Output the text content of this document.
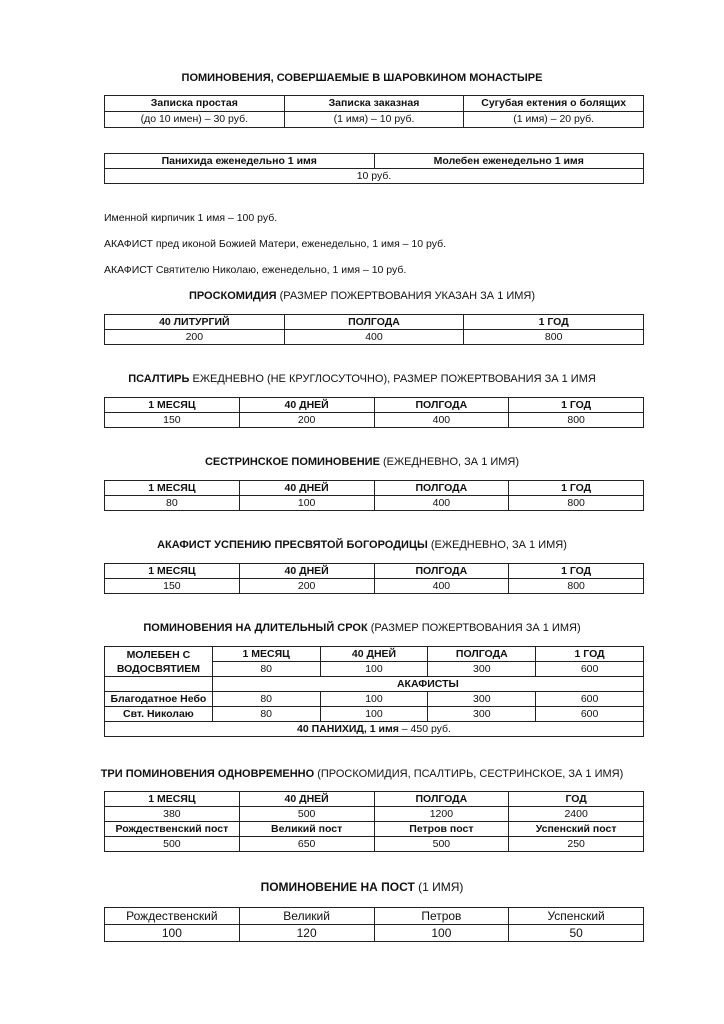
ПОМИНОВЕНИЯ, СОВЕРШАЕМЫЕ В ШАРОВКИНОМ МОНАСТЫРЕ
Записка простая	Записка заказная	Сугубая ектения о болящих
(до 10 имен) – 30 руб.	(1 имя) – 10 руб.	(1 имя) – 20 руб.
Панихида еженедельно 1 имя	Молебен еженедельно 1 имя
10 руб.
Именной кирпичик 1 имя – 100 руб.
АКАФИСТ пред иконой Божией Матери, еженедельно, 1 имя – 10 руб.
АКАФИСТ Святителю Николаю, еженедельно, 1 имя – 10 руб.
ПРОСКОМИДИЯ (РАЗМЕР ПОЖЕРТВОВАНИЯ УКАЗАН ЗА 1 ИМЯ)
40 ЛИТУРГИЙ	ПОЛГОДА	1 ГОД
200	400	800
ПСАЛТИРЬ ЕЖЕДНЕВНО (НЕ КРУГЛОСУТОЧНО), РАЗМЕР ПОЖЕРТВОВАНИЯ ЗА 1 ИМЯ
1 МЕСЯЦ	40 ДНЕЙ	ПОЛГОДА	1 ГОД
150	200	400	800
СЕСТРИНСКОЕ ПОМИНОВЕНИЕ (ЕЖЕДНЕВНО, ЗА 1 ИМЯ)
1 МЕСЯЦ	40 ДНЕЙ	ПОЛГОДА	1 ГОД
80	100	400	800
АКАФИСТ УСПЕНИЮ ПРЕСВЯТОЙ БОГОРОДИЦЫ (ЕЖЕДНЕВНО, ЗА 1 ИМЯ)
1 МЕСЯЦ	40 ДНЕЙ	ПОЛГОДА	1 ГОД
150	200	400	800
ПОМИНОВЕНИЯ НА ДЛИТЕЛЬНЫЙ СРОК (РАЗМЕР ПОЖЕРТВОВАНИЯ ЗА 1 ИМЯ)
МОЛЕБЕН С ВОДОСВЯТИЕМ	1 МЕСЯЦ	40 ДНЕЙ	ПОЛГОДА	1 ГОД
	80	100	300	600
	АКАФИСТЫ			
Благодатное Небо	80	100	300	600
Свт. Николаю	80	100	300	600
40 ПАНИХИД, 1 имя – 450 руб.				
ТРИ ПОМИНОВЕНИЯ ОДНОВРЕМЕННО (ПРОСКОМИДИЯ, ПСАЛТИРЬ, СЕСТРИНСКОЕ, ЗА 1 ИМЯ)
1 МЕСЯЦ	40 ДНЕЙ	ПОЛГОДА	ГОД
380	500	1200	2400
Рождественский пост	Великий пост	Петров пост	Успенский пост
500	650	500	250
ПОМИНОВЕНИЕ НА ПОСТ (1 ИМЯ)
Рождественский	Великий	Петров	Успенский
100	120	100	50
